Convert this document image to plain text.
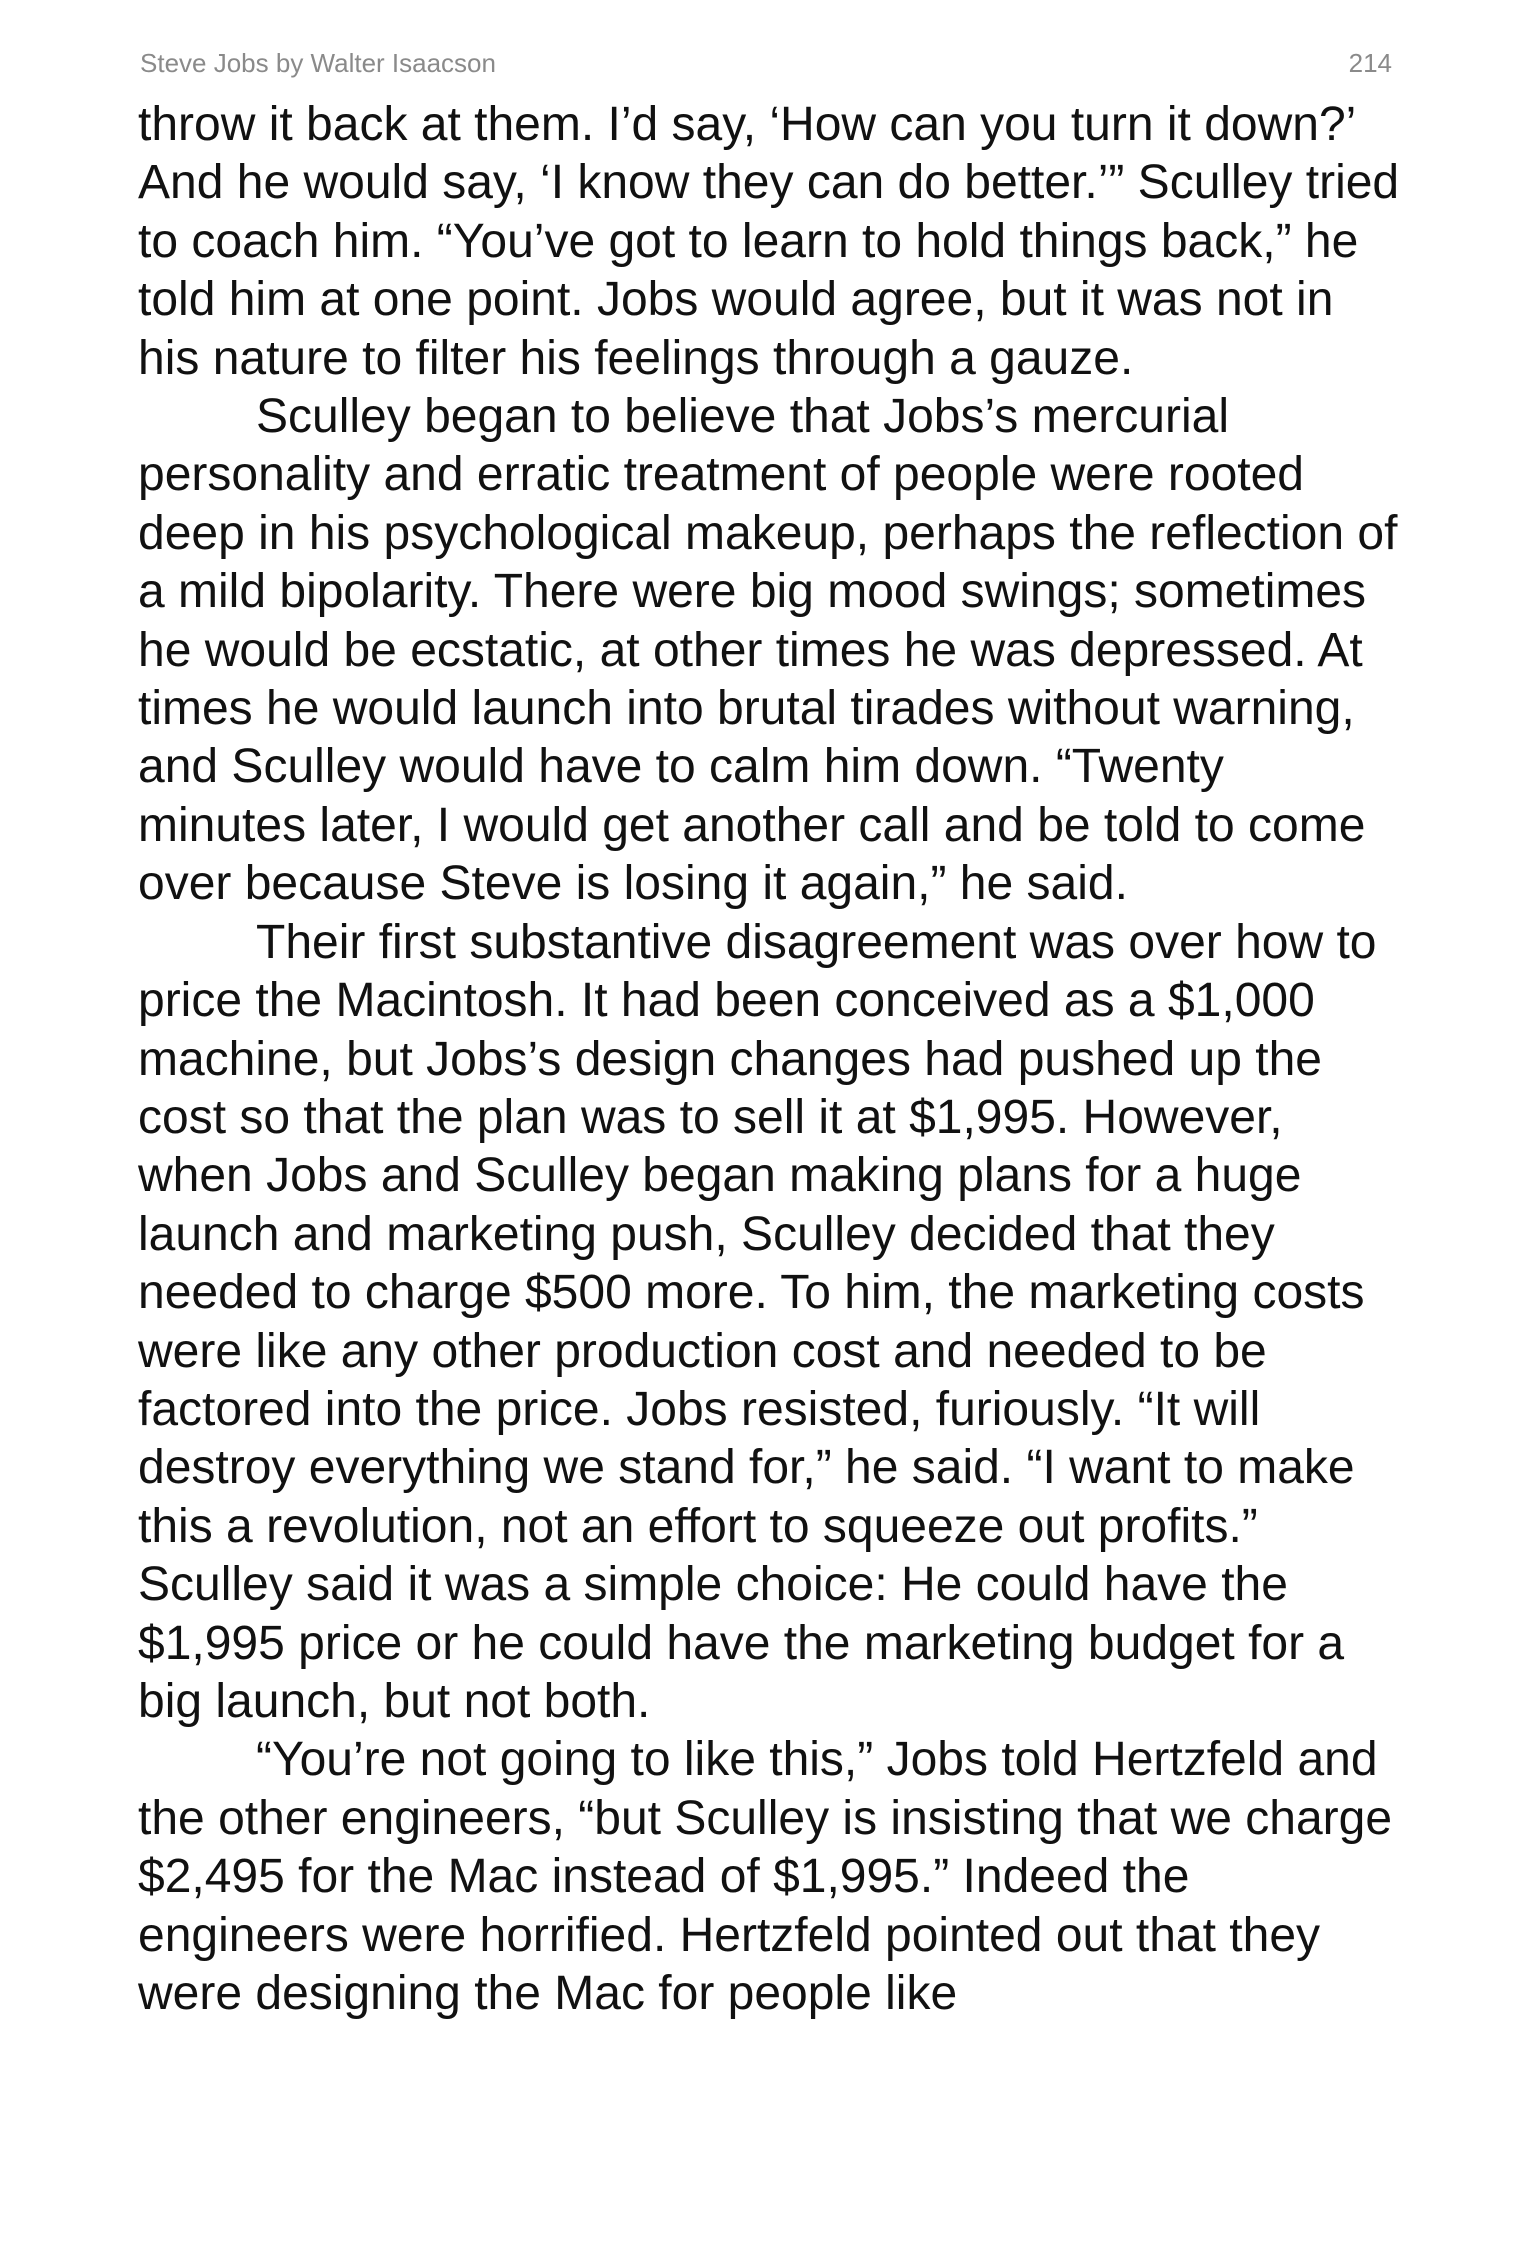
Steve Jobs by Walter Isaacson	214

throw it back at them. I’d say, ‘How can you turn it down?’ And he would say, ‘I know they can do better.’” Sculley tried to coach him. “You’ve got to learn to hold things back,” he told him at one point. Jobs would agree, but it was not in his nature to filter his feelings through a gauze.

Sculley began to believe that Jobs’s mercurial personality and erratic treatment of people were rooted deep in his psychological makeup, perhaps the reflection of a mild bipolarity. There were big mood swings; sometimes he would be ecstatic, at other times he was depressed. At times he would launch into brutal tirades without warning, and Sculley would have to calm him down. “Twenty minutes later, I would get another call and be told to come over because Steve is losing it again,” he said.

Their first substantive disagreement was over how to price the Macintosh. It had been conceived as a $1,000 machine, but Jobs’s design changes had pushed up the cost so that the plan was to sell it at $1,995. However, when Jobs and Sculley began making plans for a huge launch and marketing push, Sculley decided that they needed to charge $500 more. To him, the marketing costs were like any other production cost and needed to be factored into the price. Jobs resisted, furiously. “It will destroy everything we stand for,” he said. “I want to make this a revolution, not an effort to squeeze out profits.” Sculley said it was a simple choice: He could have the $1,995 price or he could have the marketing budget for a big launch, but not both.

“You’re not going to like this,” Jobs told Hertzfeld and the other engineers, “but Sculley is insisting that we charge $2,495 for the Mac instead of $1,995.” Indeed the engineers were horrified. Hertzfeld pointed out that they were designing the Mac for people like
